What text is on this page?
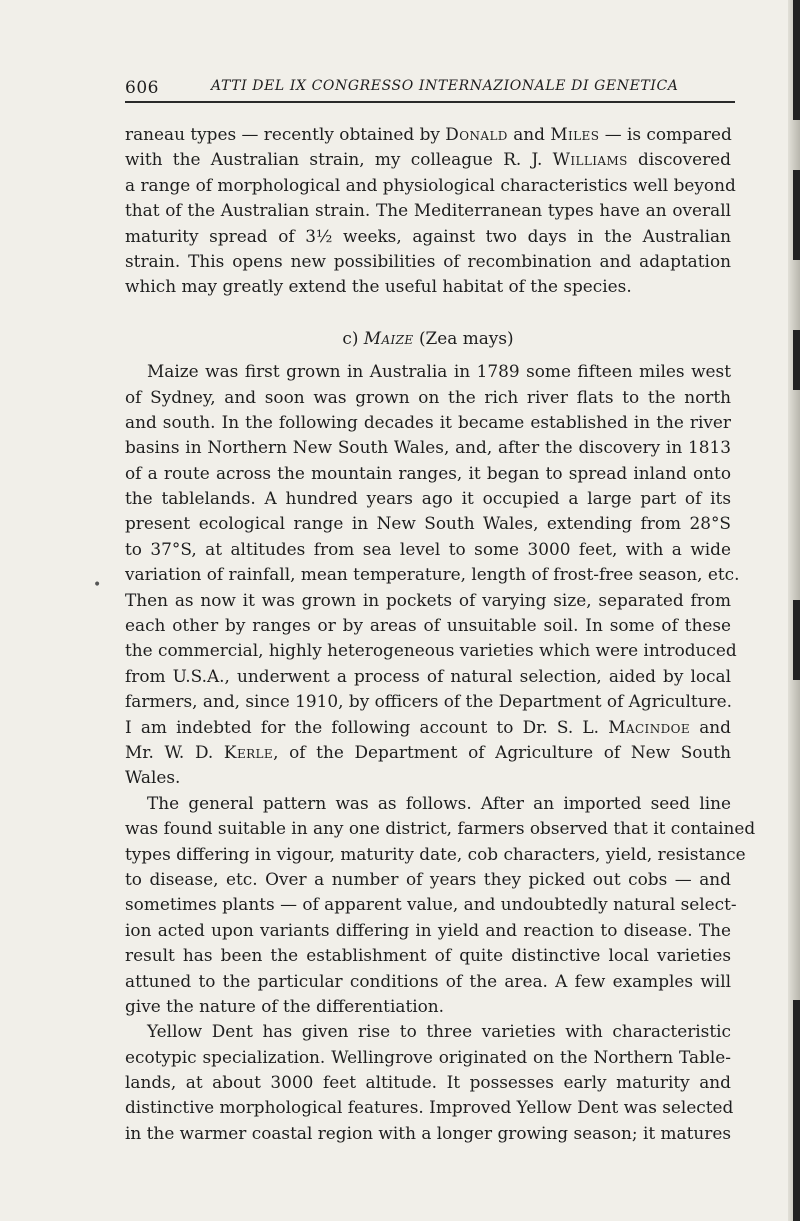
606	ATTI DEL IX CONGRESSO INTERNAZIONALE DI GENETICA
•
raneau types — recently obtained by Donald and Miles — is compared
with the Australian strain, my colleague R. J. Williams discovered
a range of morphological and physiological characteristics well beyond
that of the Australian strain. The Mediterranean types have an overall
maturity spread of 3½ weeks, against two days in the Australian
strain. This opens new possibilities of recombination and adaptation
which may greatly extend the useful habitat of the species.
c) Maize (Zea mays)
Maize was first grown in Australia in 1789 some fifteen miles west
of Sydney, and soon was grown on the rich river flats to the north
and south. In the following decades it became established in the river
basins in Northern New South Wales, and, after the discovery in 1813
of a route across the mountain ranges, it began to spread inland onto
the tablelands. A hundred years ago it occupied a large part of its
present ecological range in New South Wales, extending from 28°S
to 37°S, at altitudes from sea level to some 3000 feet, with a wide
variation of rainfall, mean temperature, length of frost-free season, etc.
Then as now it was grown in pockets of varying size, separated from
each other by ranges or by areas of unsuitable soil. In some of these
the commercial, highly heterogeneous varieties which were introduced
from U.S.A., underwent a process of natural selection, aided by local
farmers, and, since 1910, by officers of the Department of Agriculture.
I am indebted for the following account to Dr. S. L. Macindoe and
Mr. W. D. Kerle, of the Department of Agriculture of New South
Wales.
The general pattern was as follows. After an imported seed line
was found suitable in any one district, farmers observed that it contained
types differing in vigour, maturity date, cob characters, yield, resistance
to disease, etc. Over a number of years they picked out cobs — and
sometimes plants — of apparent value, and undoubtedly natural select-
ion acted upon variants differing in yield and reaction to disease. The
result has been the establishment of quite distinctive local varieties
attuned to the particular conditions of the area. A few examples will
give the nature of the differentiation.
Yellow Dent has given rise to three varieties with characteristic
ecotypic specialization. Wellingrove originated on the Northern Table-
lands, at about 3000 feet altitude. It possesses early maturity and
distinctive morphological features. Improved Yellow Dent was selected
in the warmer coastal region with a longer growing season; it matures
